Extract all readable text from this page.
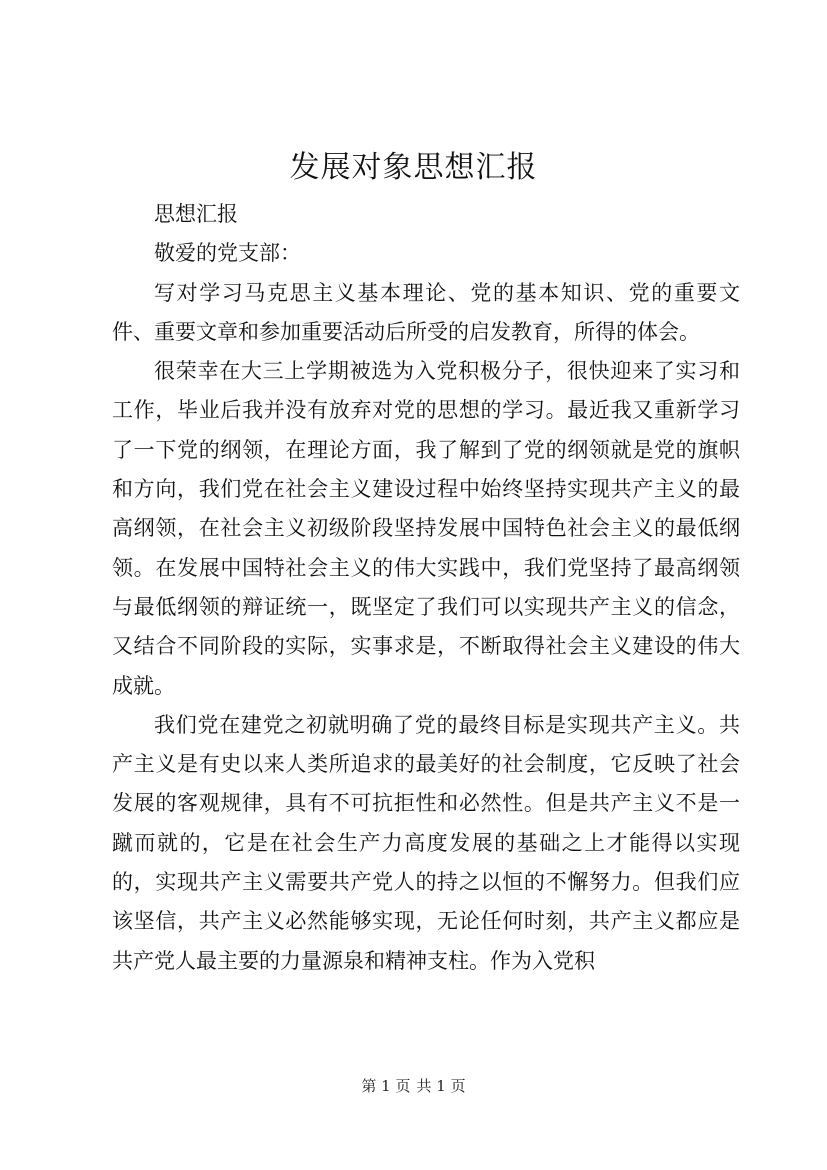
发展对象思想汇报

思想汇报

敬爱的党支部：

写对学习马克思主义基本理论、党的基本知识、党的重要文件、重要文章和参加重要活动后所受的启发教育，所得的体会。

很荣幸在大三上学期被选为入党积极分子，很快迎来了实习和工作，毕业后我并没有放弃对党的思想的学习。最近我又重新学习了一下党的纲领，在理论方面，我了解到了党的纲领就是党的旗帜和方向，我们党在社会主义建设过程中始终坚持实现共产主义的最高纲领，在社会主义初级阶段坚持发展中国特色社会主义的最低纲领。在发展中国特社会主义的伟大实践中，我们党坚持了最高纲领与最低纲领的辩证统一，既坚定了我们可以实现共产主义的信念，又结合不同阶段的实际，实事求是，不断取得社会主义建设的伟大成就。

我们党在建党之初就明确了党的最终目标是实现共产主义。共产主义是有史以来人类所追求的最美好的社会制度，它反映了社会发展的客观规律，具有不可抗拒性和必然性。但是共产主义不是一蹴而就的，它是在社会生产力高度发展的基础之上才能得以实现的，实现共产主义需要共产党人的持之以恒的不懈努力。但我们应该坚信，共产主义必然能够实现，无论任何时刻，共产主义都应是共产党人最主要的力量源泉和精神支柱。作为入党积

第 1 页 共 1 页
